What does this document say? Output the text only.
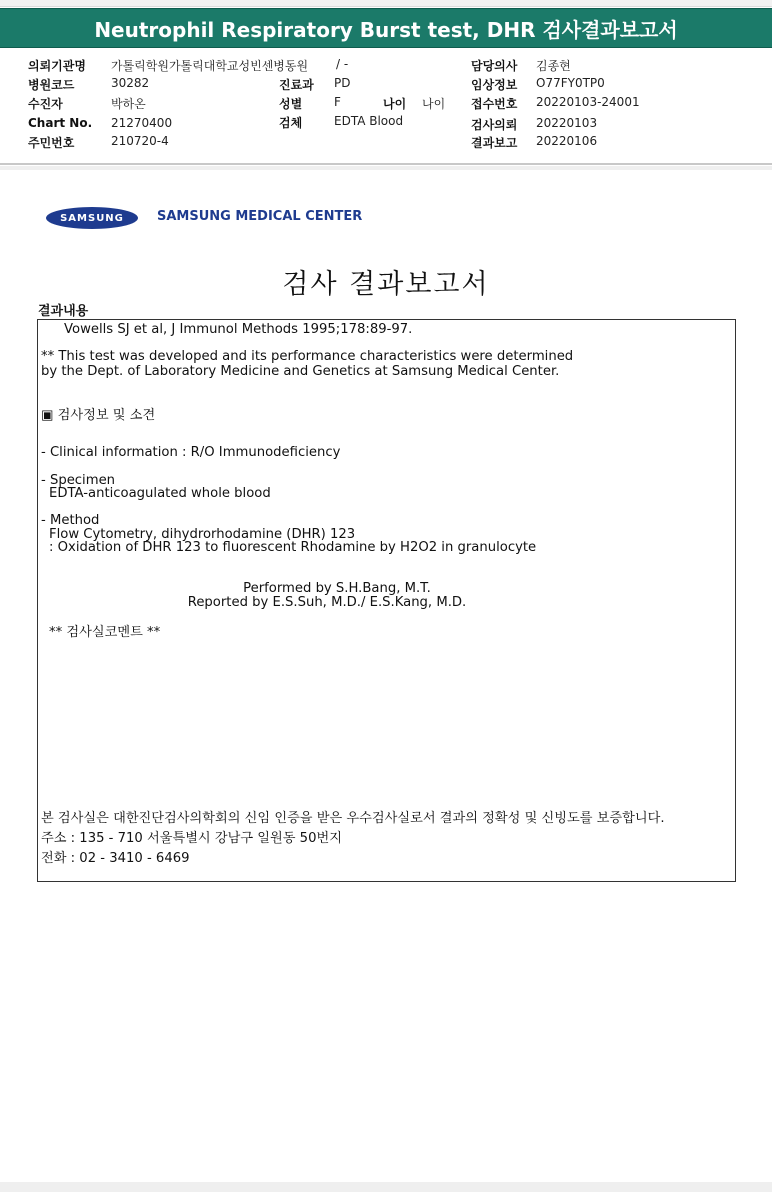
Neutrophil Respiratory Burst test, DHR 검사결과보고서
의뢰기관명 가톨릭학원가톨릭대학교성빈센병동원 / -	담당의사 김종현
병원코드	30282	진료과 PD	임상정보 O77FY0TP0
수진자	박하온	성별	F	나이 나이 접수번호 20220103-24001
Chart No. 21270400	검체	EDTA Blood	검사의뢰 20220103
주민번호	210720-4	결과보고 20220106
SAMSUNG	SAMSUNG MEDICAL CENTER
검사 결과보고서
결과내용
Vowells SJ et al, J Immunol Methods 1995;178:89-97.
** This test was developed and its performance characteristics were determined
by the Dept. of Laboratory Medicine and Genetics at Samsung Medical Center.
▣ 검사정보 및 소견
- Clinical information : R/O Immunodeficiency
- Specimen
EDTA-anticoagulated whole blood
- Method
Flow Cytometry, dihydrorhodamine (DHR) 123
: Oxidation of DHR 123 to fluorescent Rhodamine by H2O2 in granulocyte
Performed by S.H.Bang, M.T.
Reported by E.S.Suh, M.D./ E.S.Kang, M.D.
** 검사실코멘트 **
본 검사실은 대한진단검사의학회의 신임 인증을 받은 우수검사실로서 결과의 정확성 및 신빙도를 보증합니다.
주소 : 135 - 710 서울특별시 강남구 일원동 50번지
전화 : 02 - 3410 - 6469
